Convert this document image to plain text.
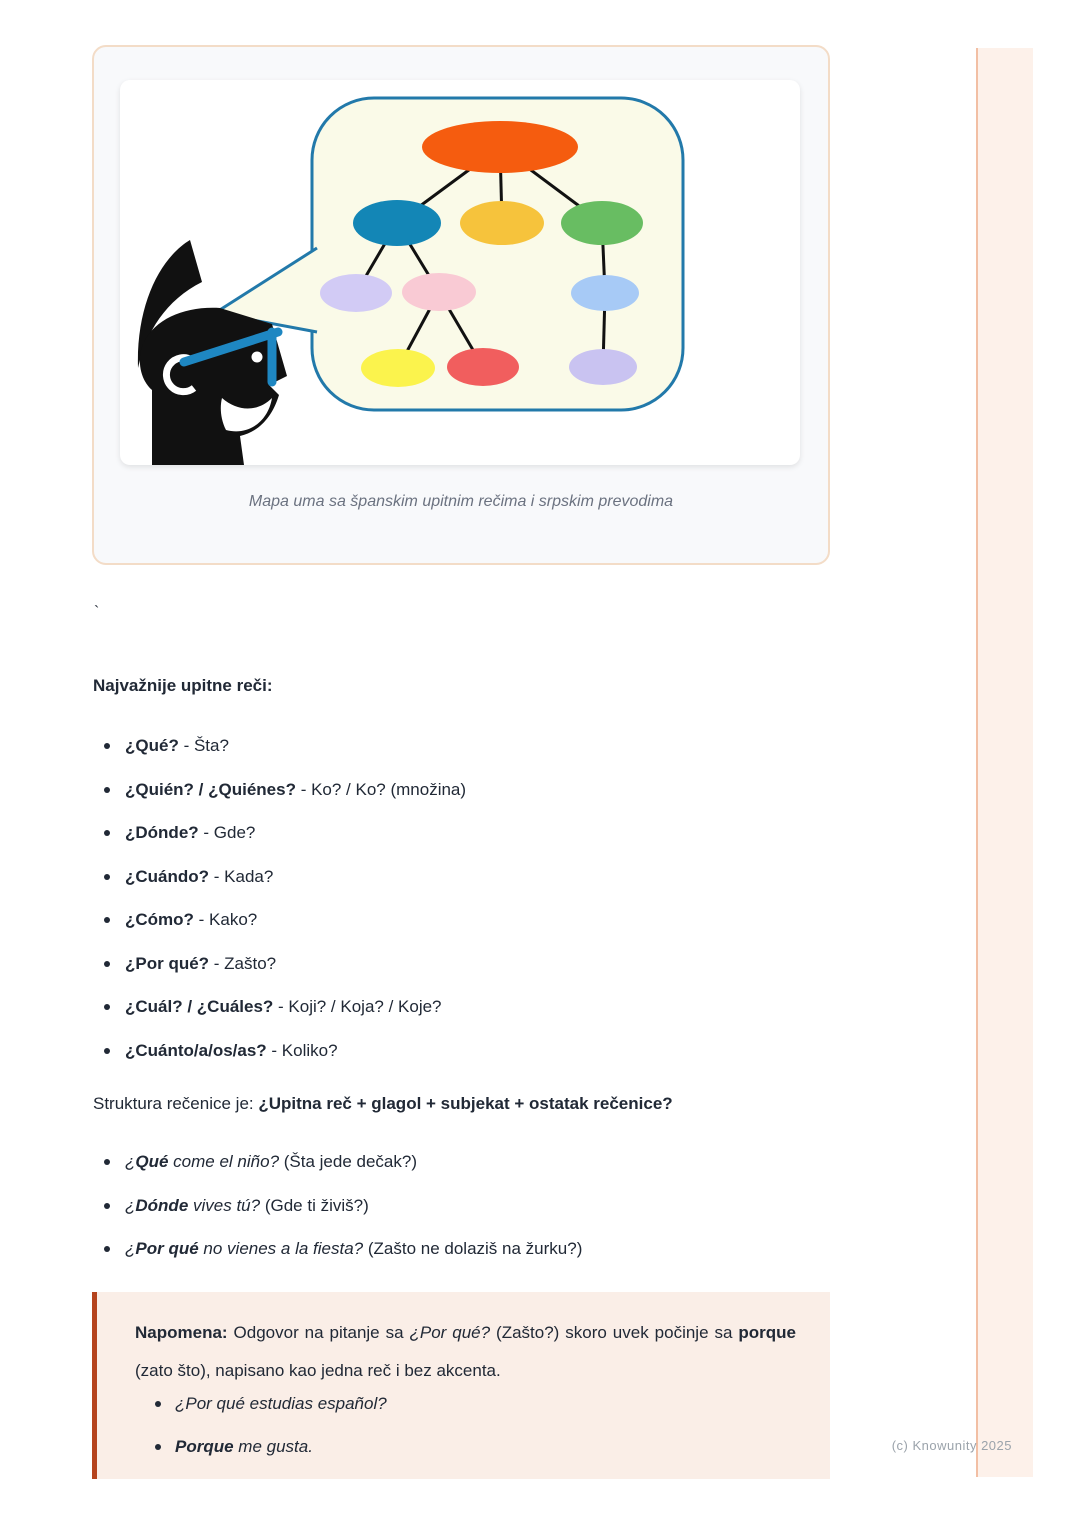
Mapa uma sa španskim upitnim rečima i srpskim prevodima
`
Najvažnije upitne reči:
¿Qué? - Šta?
¿Quién? / ¿Quiénes? - Ko? / Ko? (množina)
¿Dónde? - Gde?
¿Cuándo? - Kada?
¿Cómo? - Kako?
¿Por qué? - Zašto?
¿Cuál? / ¿Cuáles? - Koji? / Koja? / Koje?
¿Cuánto/a/os/as? - Koliko?
Struktura rečenice je: ¿Upitna reč + glagol + subjekat + ostatak rečenice?
¿Qué come el niño? (Šta jede dečak?)
¿Dónde vives tú? (Gde ti živiš?)
¿Por qué no vienes a la fiesta? (Zašto ne dolaziš na žurku?)

Napomena: Odgovor na pitanje sa ¿Por qué? (Zašto?) skoro uvek počinje sa porque (zato što), napisano kao jedna reč i bez akcenta.

¿Por qué estudias español?
Porque me gusta.	(c) Knowunity 2025
